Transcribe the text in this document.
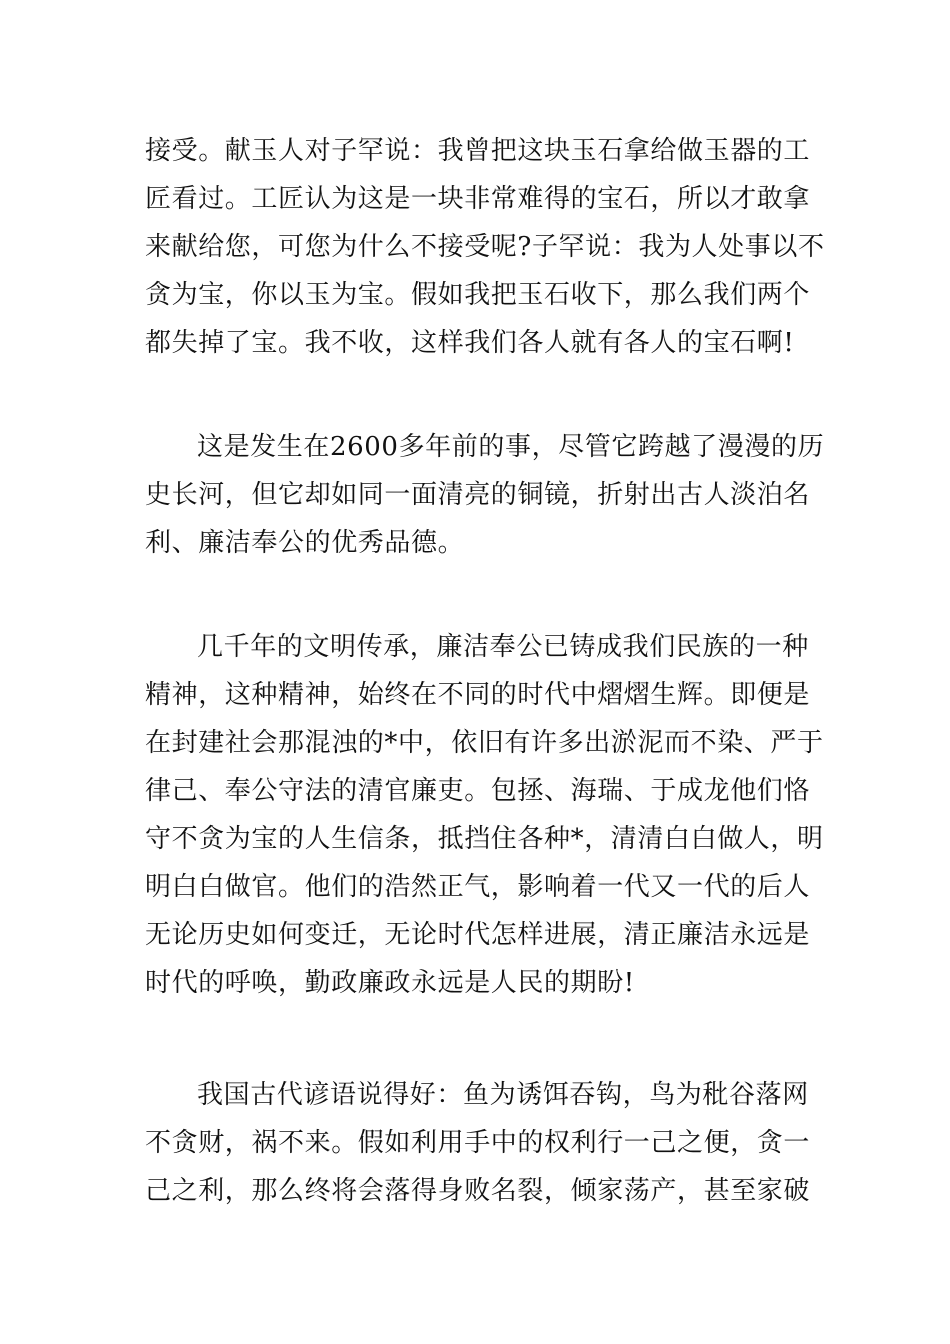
接受。献玉人对子罕说：我曾把这块玉石拿给做玉器的工
匠看过。工匠认为这是一块非常难得的宝石，所以才敢拿
来献给您，可您为什么不接受呢?子罕说：我为人处事以不
贪为宝，你以玉为宝。假如我把玉石收下，那么我们两个
都失掉了宝。我不收，这样我们各人就有各人的宝石啊!
这是发生在2600多年前的事，尽管它跨越了漫漫的历
史长河，但它却如同一面清亮的铜镜，折射出古人淡泊名
利、廉洁奉公的优秀品德。
几千年的文明传承，廉洁奉公已铸成我们民族的一种
精神，这种精神，始终在不同的时代中熠熠生辉。即便是
在封建社会那混浊的*中，依旧有许多出淤泥而不染、严于
律己、奉公守法的清官廉吏。包拯、海瑞、于成龙他们恪
守不贪为宝的人生信条，抵挡住各种*，清清白白做人，明
明白白做官。他们的浩然正气，影响着一代又一代的后人
无论历史如何变迁，无论时代怎样进展，清正廉洁永远是
时代的呼唤，勤政廉政永远是人民的期盼!
我国古代谚语说得好：鱼为诱饵吞钩，鸟为秕谷落网
不贪财，祸不来。假如利用手中的权利行一己之便，贪一
己之利，那么终将会落得身败名裂，倾家荡产，甚至家破
